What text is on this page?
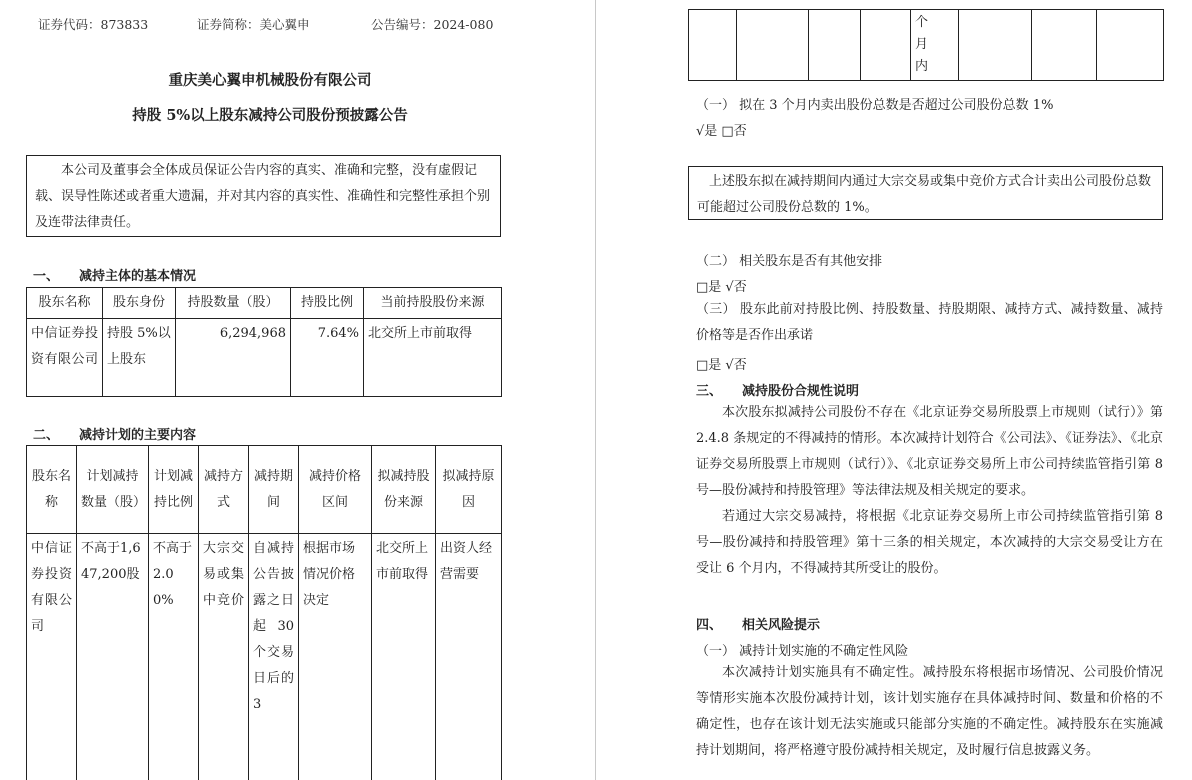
证券代码：873833	证券简称：美心翼申	公告编号：2024-080
重庆美心翼申机械股份有限公司
持股 5%以上股东减持公司股份预披露公告
本公司及董事会全体成员保证公告内容的真实、准确和完整，没有虚假记载、误导性陈述或者重大遗漏，并对其内容的真实性、准确性和完整性承担个别及连带法律责任。
一、 减持主体的基本情况
股东名称	股东身份	持股数量（股）	持股比例	当前持股股份来源
中信证券投资有限公司	持股 5%以上股东	6,294,968	7.64%	北交所上市前取得
二、 减持计划的主要内容
股东名称	计划减持数量（股）	计划减持比例	减持方式	减持期间	减持价格区间	拟减持股份来源	拟减持原因
中信证券投资有限公司	不高于1,647,200股	不高于2.00%	大宗交易或集中竞价	自减持公告披露之日起30个交易日后的3	根据市场情况价格决定	北交所上市前取得	出资人经营需要
				个月内			
（一） 拟在 3 个月内卖出股份总数是否超过公司股份总数 1%
√是 □否
上述股东拟在减持期间内通过大宗交易或集中竞价方式合计卖出公司股份总数可能超过公司股份总数的 1%。
（二） 相关股东是否有其他安排
□是 √否
（三） 股东此前对持股比例、持股数量、持股期限、减持方式、减持数量、减持价格等是否作出承诺
□是 √否
三、 减持股份合规性说明
本次股东拟减持公司股份不存在《北京证券交易所股票上市规则（试行）》第 2.4.8 条规定的不得减持的情形。本次减持计划符合《公司法》、《证券法》、《北京证券交易所股票上市规则（试行）》、《北京证券交易所上市公司持续监管指引第 8 号—股份减持和持股管理》等法律法规及相关规定的要求。
若通过大宗交易减持，将根据《北京证券交易所上市公司持续监管指引第 8 号—股份减持和持股管理》第十三条的相关规定，本次减持的大宗交易受让方在受让 6 个月内，不得减持其所受让的股份。
四、 相关风险提示
（一） 减持计划实施的不确定性风险
本次减持计划实施具有不确定性。减持股东将根据市场情况、公司股价情况等情形实施本次股份减持计划，该计划实施存在具体减持时间、数量和价格的不确定性，也存在该计划无法实施或只能部分实施的不确定性。减持股东在实施减持计划期间，将严格遵守股份减持相关规定，及时履行信息披露义务。
